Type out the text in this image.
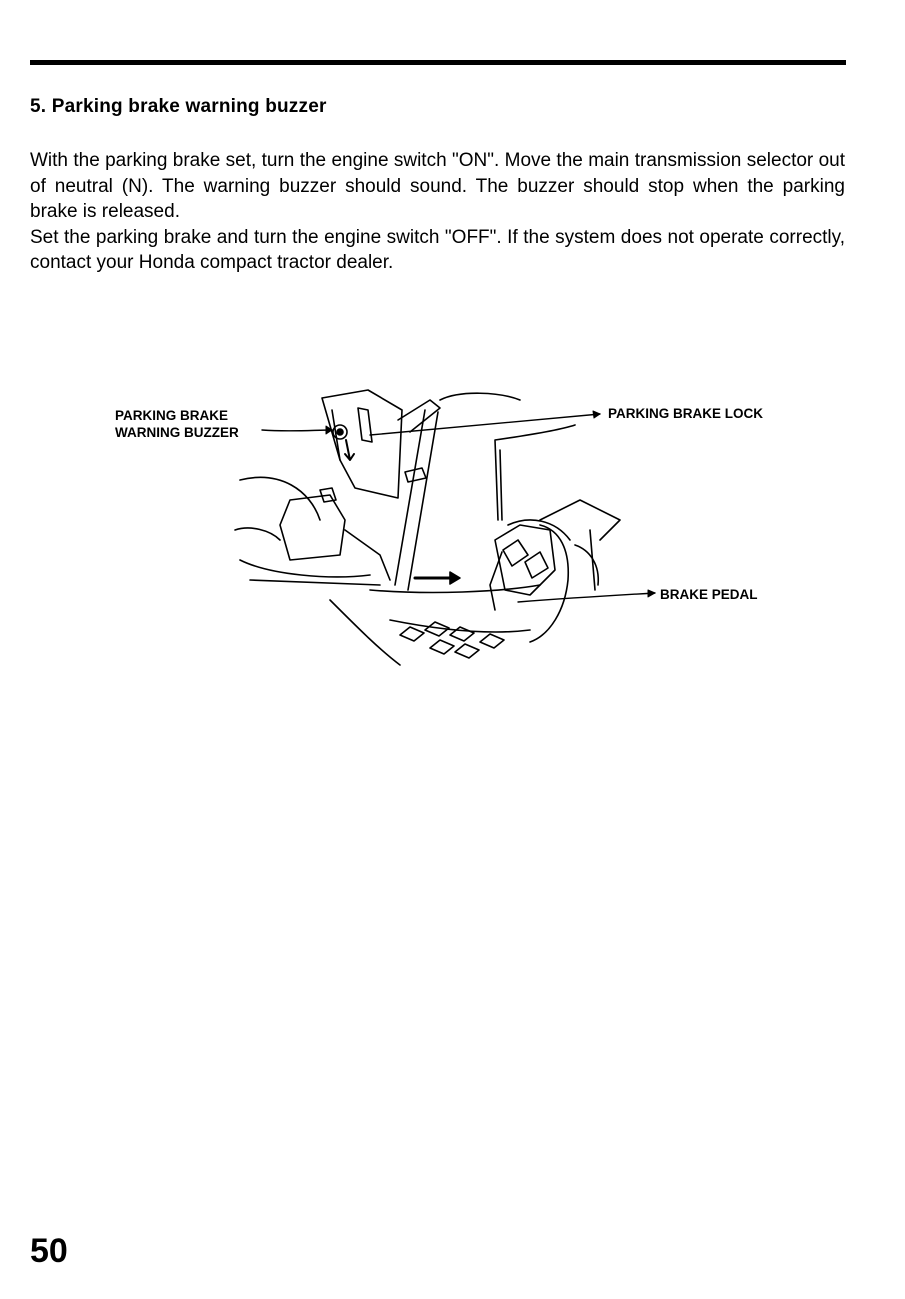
5. Parking brake warning buzzer

With the parking brake set, turn the engine switch "ON". Move the main transmission selector out of neutral (N). The warning buzzer should sound. The buzzer should stop when the parking brake is released.

Set the parking brake and turn the engine switch "OFF". If the system does not operate correctly, contact your Honda compact tractor dealer.

PARKING BRAKE
WARNING BUZZER
PARKING BRAKE LOCK
BRAKE PEDAL
50
